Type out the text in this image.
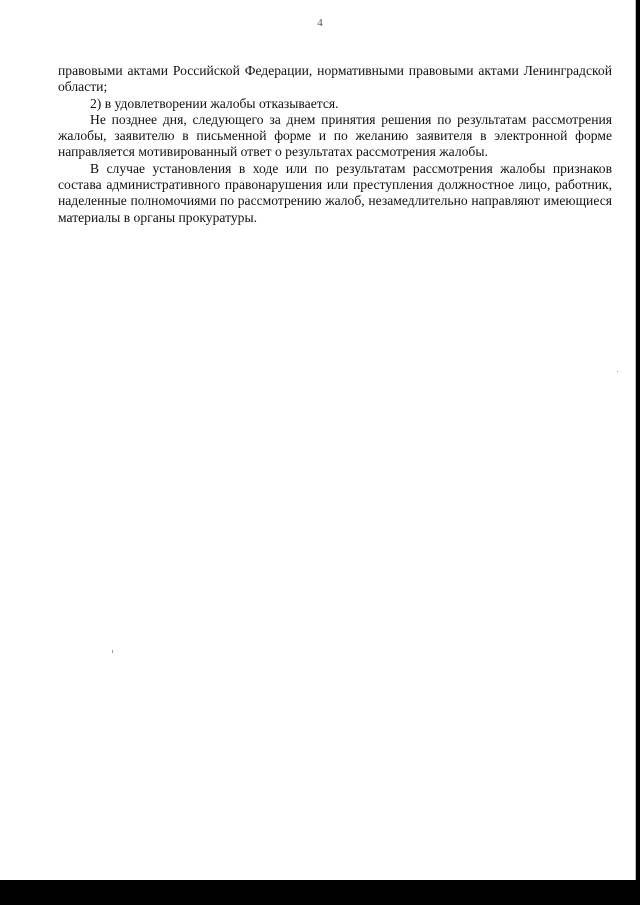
4

правовыми актами Российской Федерации, нормативными правовыми актами Ленинградской области;

2) в удовлетворении жалобы отказывается.

Не позднее дня, следующего за днем принятия решения по результатам рассмотрения жалобы, заявителю в письменной форме и по желанию заявителя в электронной форме направляется мотивированный ответ о результатах рассмотрения жалобы.

В случае установления в ходе или по результатам рассмотрения жалобы признаков состава административного правонарушения или преступления должностное лицо, работник, наделенные полномочиями по рассмотрению жалоб, незамедлительно направляют имеющиеся материалы в органы прокуратуры.
